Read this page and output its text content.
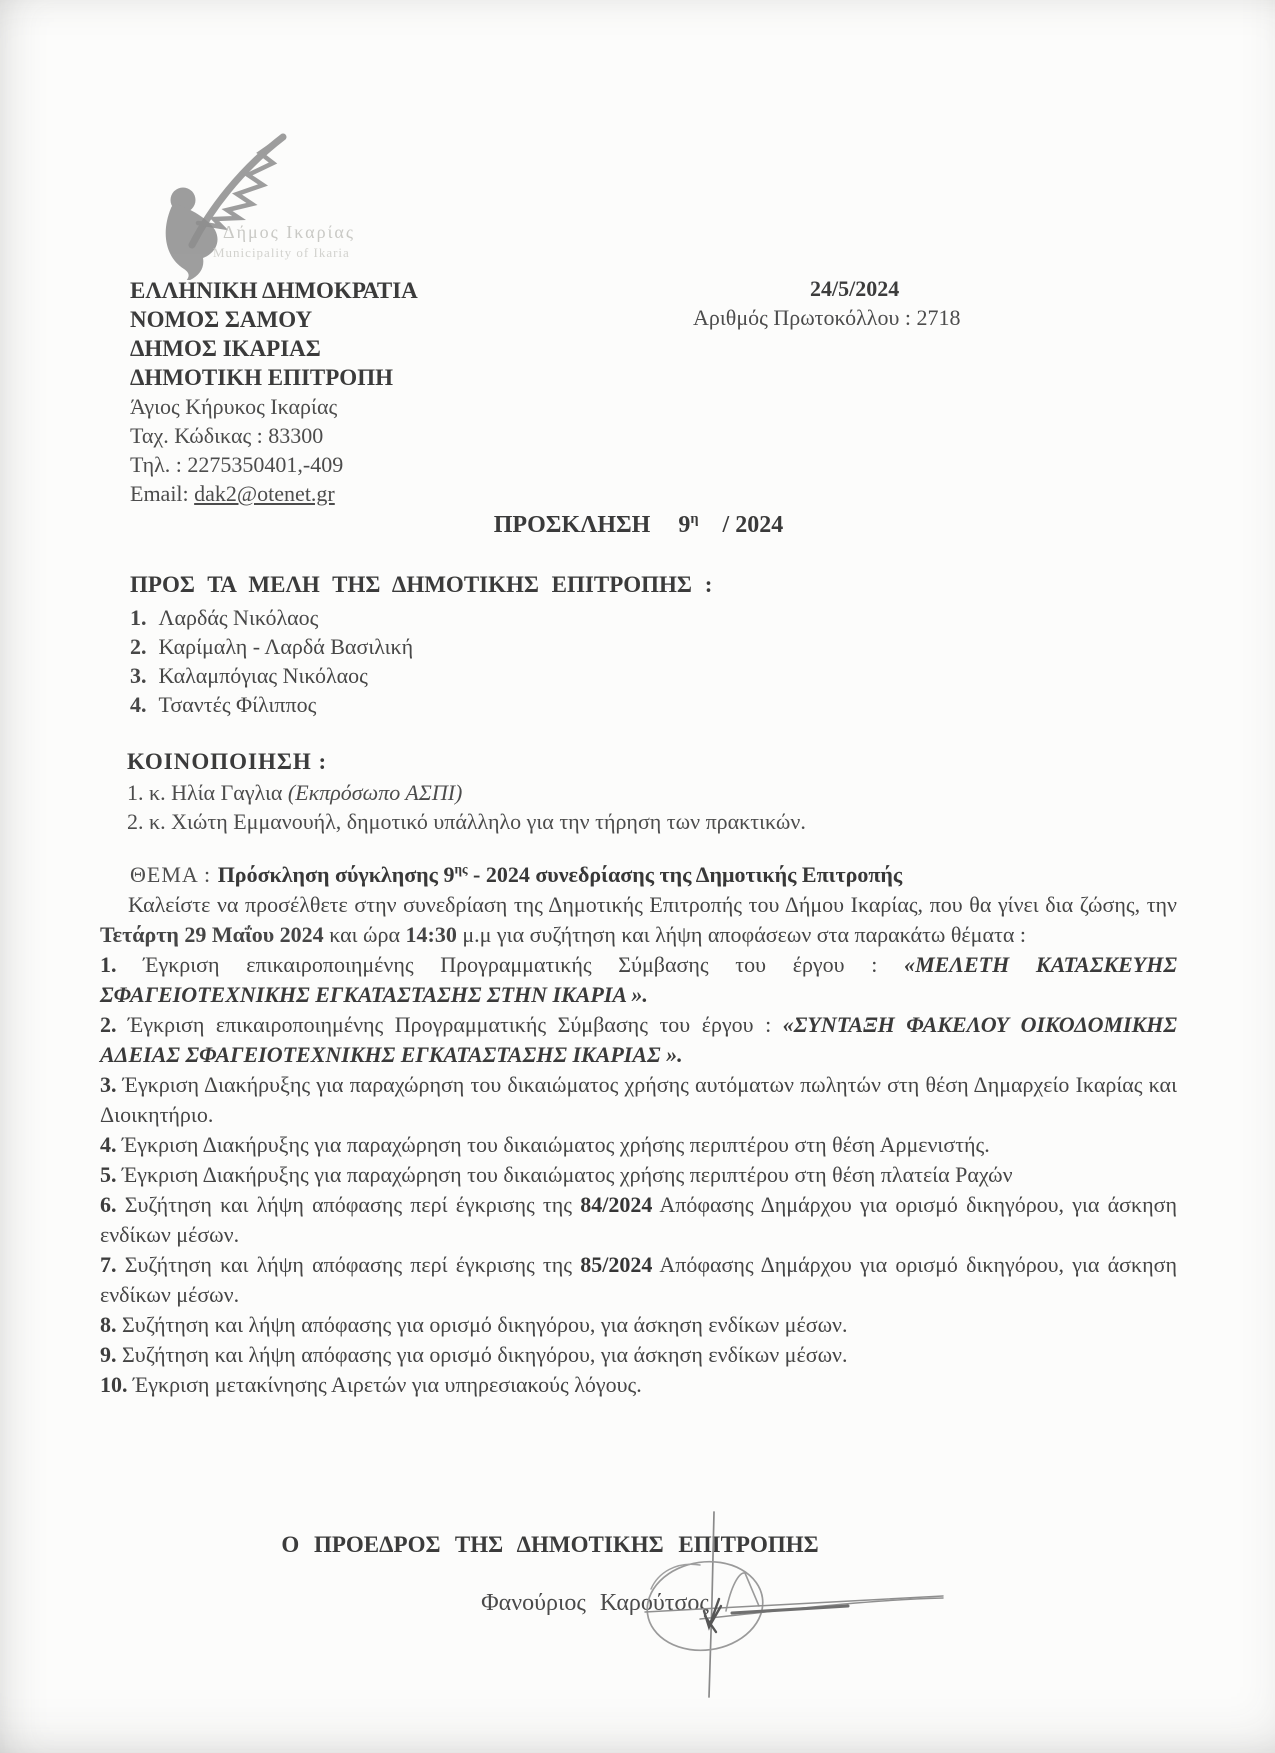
Δήμος Ικαρίας
Municipality of Ikaria
ΕΛΛΗΝΙΚΗ ΔΗΜΟΚΡΑΤΙΑ
ΝΟΜΟΣ ΣΑΜΟΥ
ΔΗΜΟΣ ΙΚΑΡΙΑΣ
ΔΗΜΟΤΙΚΗ ΕΠΙΤΡΟΠΗ
Άγιος Κήρυκος Ικαρίας
Ταχ. Κώδικας : 83300
Τηλ. : 2275350401,-409
Email: dak2@otenet.gr
24/5/2024
Αριθμός Πρωτοκόλλου : 2718
ΠΡΟΣΚΛΗΣΗ $9^\eta / 2024$
ΠΡΟΣ ΤΑ ΜΕΛΗ ΤΗΣ ΔΗΜΟΤΙΚΗΣ ΕΠΙΤΡΟΠΗΣ :
1. Λαρδάς Νικόλαος
2. Καρίμαλη - Λαρδά Βασιλική
3. Καλαμπόγιας Νικόλαος
4. Τσαντές Φίλιππος
ΚΟΙΝΟΠΟΙΗΣΗ :
1. κ. Ηλία Γαγλια (Εκπρόσωπο ΑΣΠΙ)
2. κ. Χιώτη Εμμανουήλ, δημοτικό υπάλληλο για την τήρηση των πρακτικών.

ΘΕΜΑ : Πρόσκληση σύγκλησης $9^{\eta\varsigma} - 2024$ συνεδρίασης της Δημοτικής Επιτροπής

Καλείστε να προσέλθετε στην συνεδρίαση της Δημοτικής Επιτροπής του Δήμου Ικαρίας, που θα γίνει δια ζώσης, την Τετάρτη 29 Μαΐου 2024 και ώρα 14:30 μ.μ για συζήτηση και λήψη αποφάσεων στα παρακάτω θέματα :

1. Έγκριση επικαιροποιημένης Προγραμματικής Σύμβασης του έργου : «ΜΕΛΕΤΗ ΚΑΤΑΣΚΕΥΗΣ ΣΦΑΓΕΙΟΤΕΧΝΙΚΗΣ ΕΓΚΑΤΑΣΤΑΣΗΣ ΣΤΗΝ ΙΚΑΡΙΑ ».

2. Έγκριση επικαιροποιημένης Προγραμματικής Σύμβασης του έργου : «ΣΥΝΤΑΞΗ ΦΑΚΕΛΟΥ ΟΙΚΟΔΟΜΙΚΗΣ ΑΔΕΙΑΣ ΣΦΑΓΕΙΟΤΕΧΝΙΚΗΣ ΕΓΚΑΤΑΣΤΑΣΗΣ ΙΚΑΡΙΑΣ ».

3. Έγκριση Διακήρυξης για παραχώρηση του δικαιώματος χρήσης αυτόματων πωλητών στη θέση Δημαρχείο Ικαρίας και Διοικητήριο.

4. Έγκριση Διακήρυξης για παραχώρηση του δικαιώματος χρήσης περιπτέρου στη θέση Αρμενιστής.

5. Έγκριση Διακήρυξης για παραχώρηση του δικαιώματος χρήσης περιπτέρου στη θέση πλατεία Ραχών

6. Συζήτηση και λήψη απόφασης περί έγκρισης της 84/2024 Απόφασης Δημάρχου για ορισμό δικηγόρου, για άσκηση ενδίκων μέσων.

7. Συζήτηση και λήψη απόφασης περί έγκρισης της 85/2024 Απόφασης Δημάρχου για ορισμό δικηγόρου, για άσκηση ενδίκων μέσων.

8. Συζήτηση και λήψη απόφασης για ορισμό δικηγόρου, για άσκηση ενδίκων μέσων.

9. Συζήτηση και λήψη απόφασης για ορισμό δικηγόρου, για άσκηση ενδίκων μέσων.

10. Έγκριση μετακίνησης Αιρετών για υπηρεσιακούς λόγους.

Ο ΠΡΟΕΔΡΟΣ ΤΗΣ ΔΗΜΟΤΙΚΗΣ ΕΠΙΤΡΟΠΗΣ
Φανούριος Καρούτσος
